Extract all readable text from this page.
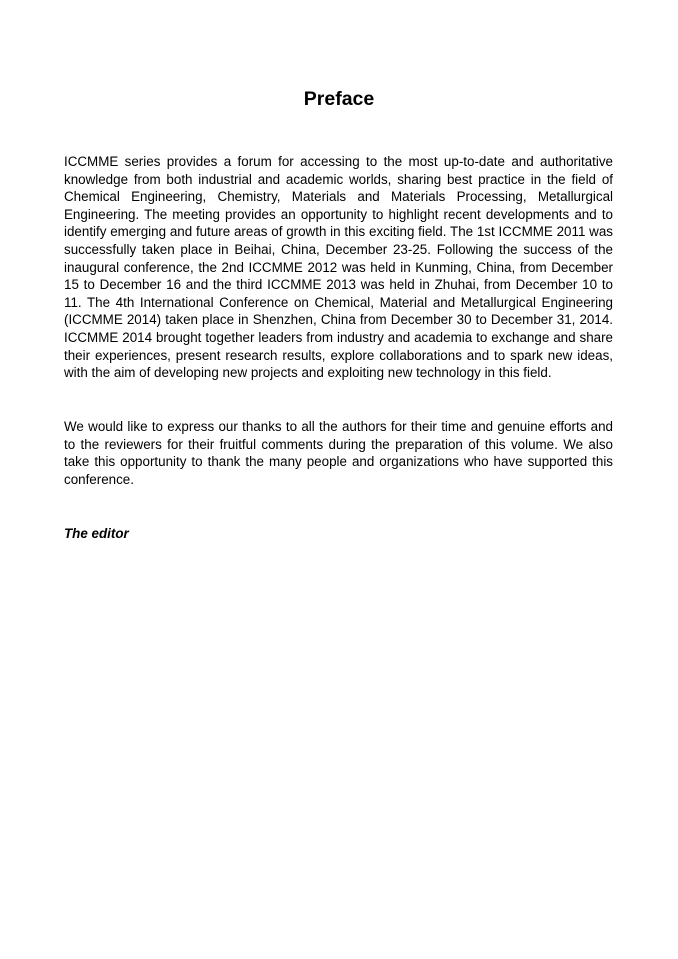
Preface

ICCMME series provides a forum for accessing to the most up-to-date and authoritative knowledge from both industrial and academic worlds, sharing best practice in the field of Chemical Engineering, Chemistry, Materials and Materials Processing, Metallurgical Engineering. The meeting provides an opportunity to highlight recent developments and to identify emerging and future areas of growth in this exciting field. The 1st ICCMME 2011 was successfully taken place in Beihai, China, December 23-25. Following the success of the inaugural conference, the 2nd ICCMME 2012 was held in Kunming, China, from December 15 to December 16 and the third ICCMME 2013 was held in Zhuhai, from December 10 to 11. The 4th International Conference on Chemical, Material and Metallurgical Engineering (ICCMME 2014) taken place in Shenzhen, China from December 30 to December 31, 2014. ICCMME 2014 brought together leaders from industry and academia to exchange and share their experiences, present research results, explore collaborations and to spark new ideas, with the aim of developing new projects and exploiting new technology in this field.

We would like to express our thanks to all the authors for their time and genuine efforts and to the reviewers for their fruitful comments during the preparation of this volume. We also take this opportunity to thank the many people and organizations who have supported this conference.

The editor
